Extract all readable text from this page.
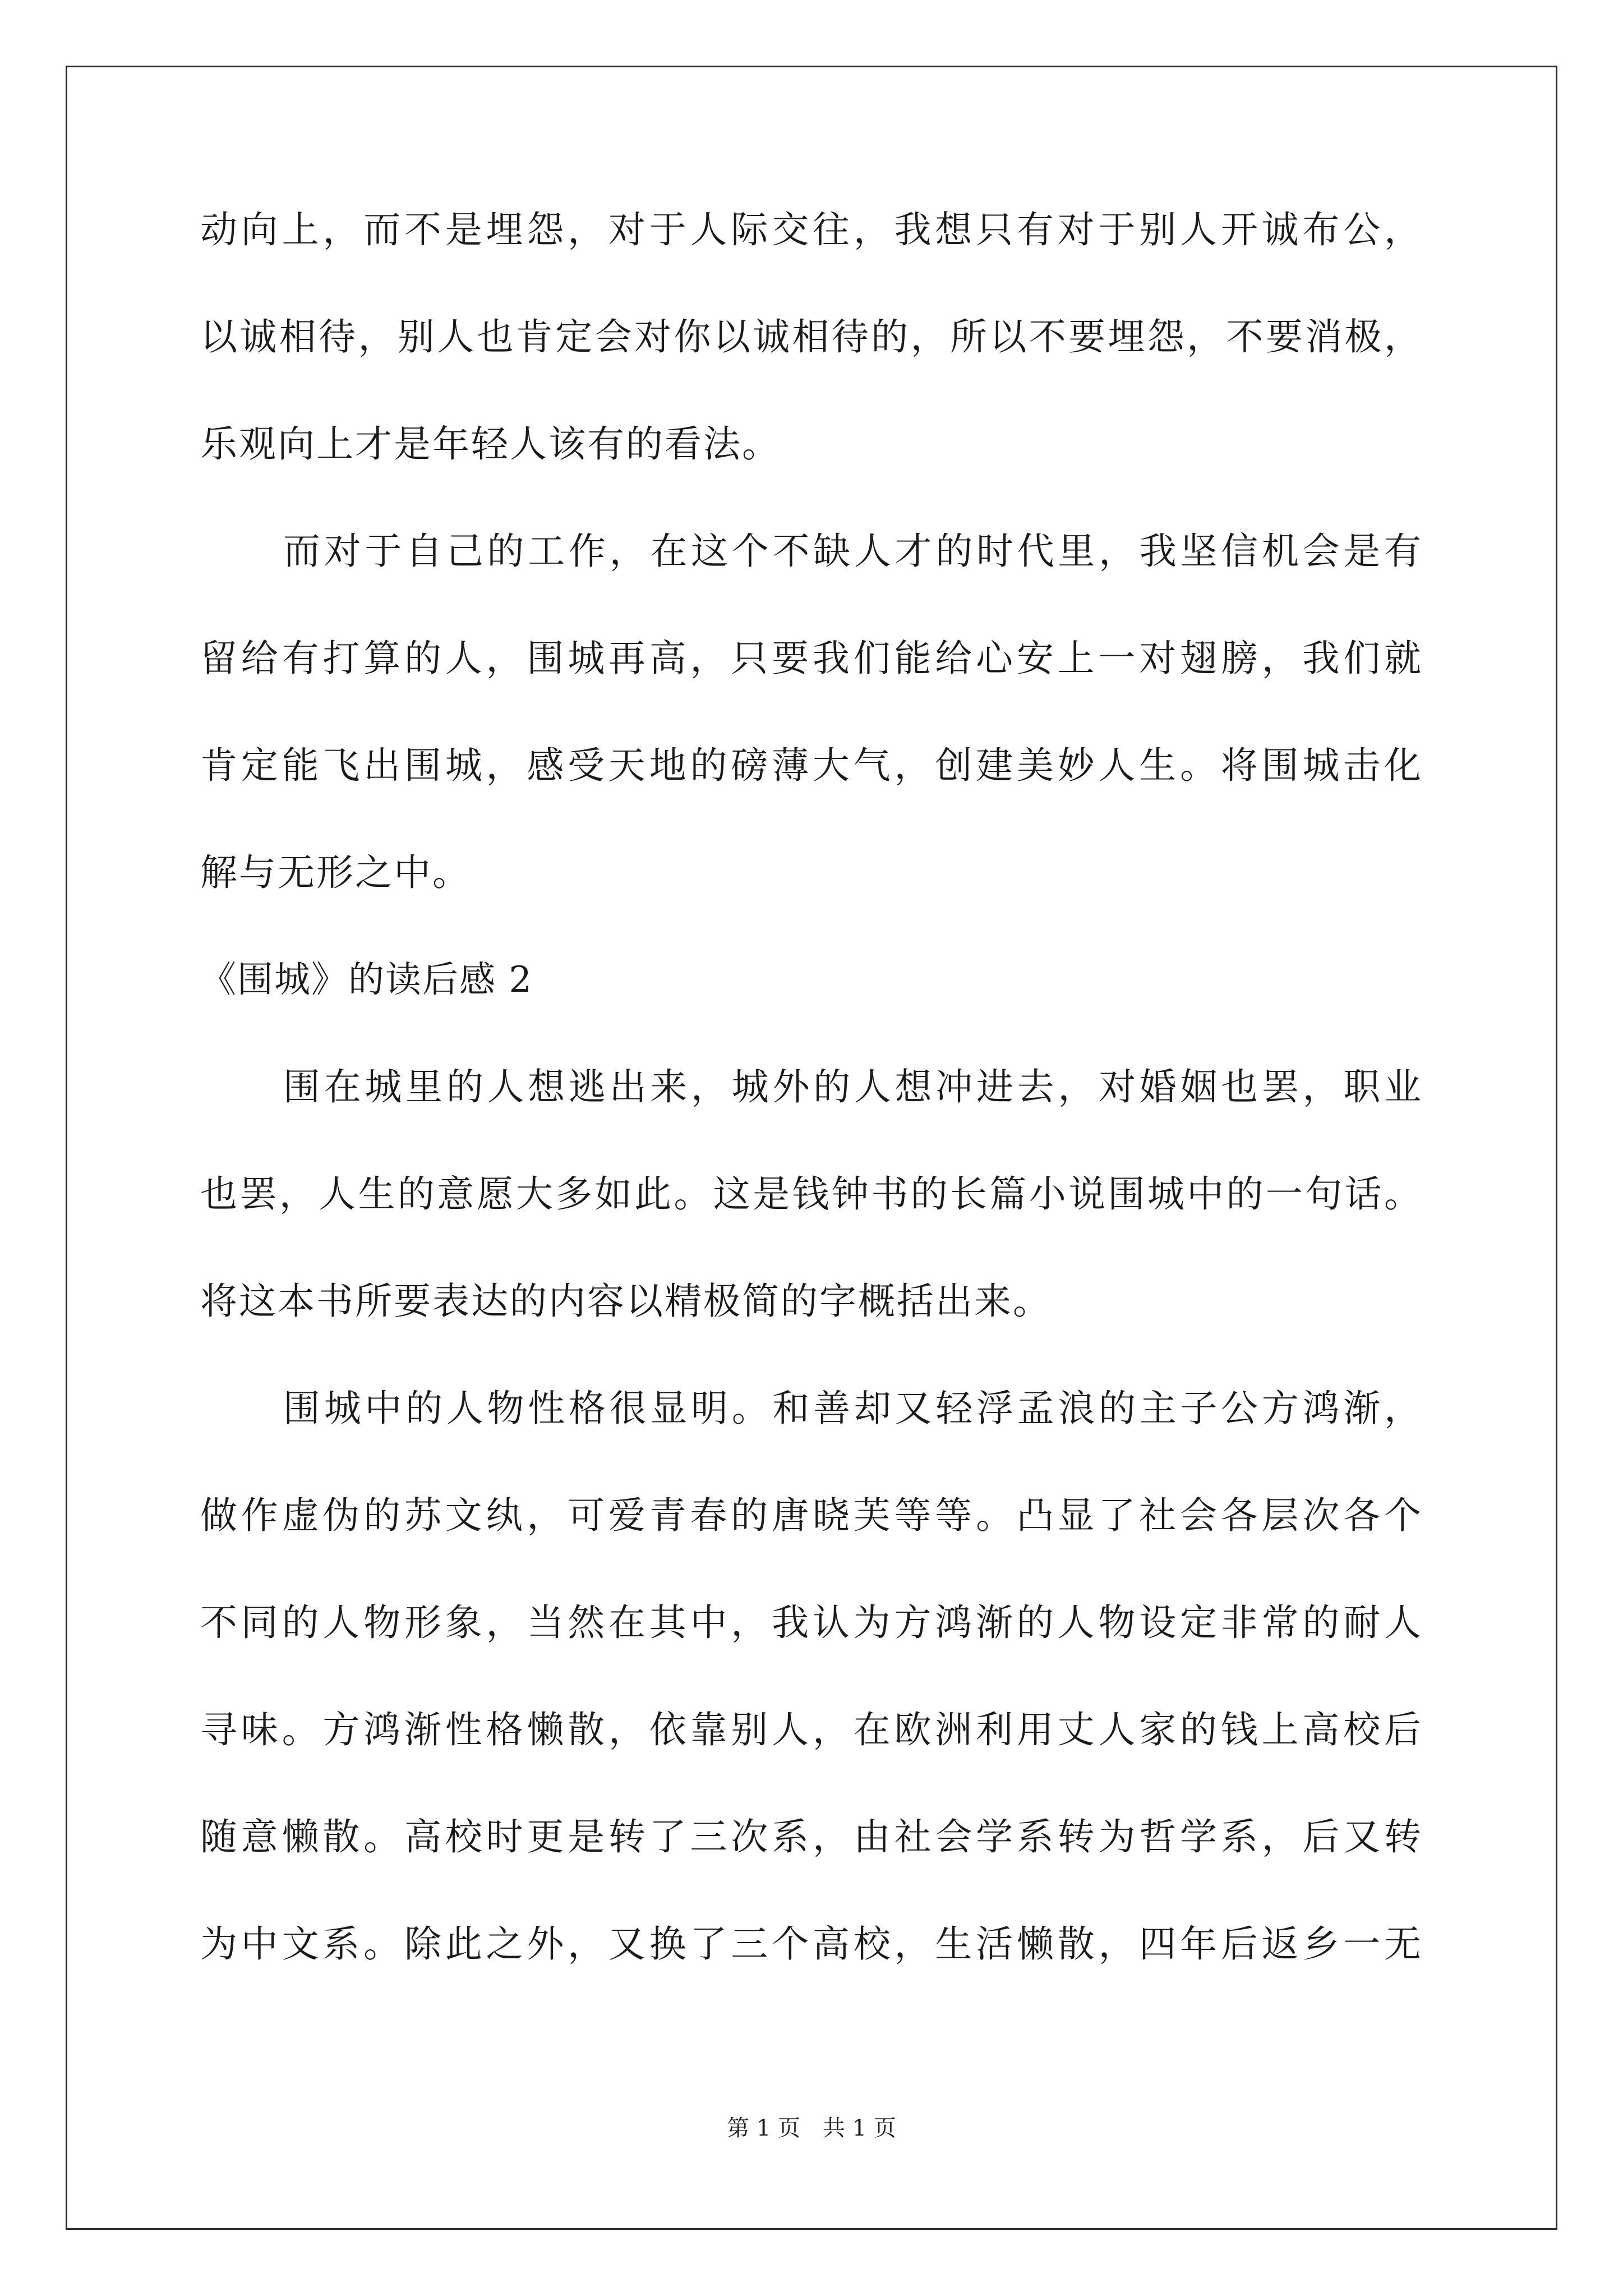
动向上，而不是埋怨，对于人际交往，我想只有对于别人开诚布公，

以诚相待，别人也肯定会对你以诚相待的，所以不要埋怨，不要消极，

乐观向上才是年轻人该有的看法。

而对于自己的工作，在这个不缺人才的时代里，我坚信机会是有

留给有打算的人，围城再高，只要我们能给心安上一对翅膀，我们就

肯定能飞出围城，感受天地的磅薄大气，创建美妙人生。将围城击化

解与无形之中。

《围城》的读后感 2

围在城里的人想逃出来，城外的人想冲进去，对婚姻也罢，职业

也罢，人生的意愿大多如此。这是钱钟书的长篇小说围城中的一句话。

将这本书所要表达的内容以精极简的字概括出来。

围城中的人物性格很显明。和善却又轻浮孟浪的主子公方鸿渐，

做作虚伪的苏文纨，可爱青春的唐晓芙等等。凸显了社会各层次各个

不同的人物形象，当然在其中，我认为方鸿渐的人物设定非常的耐人

寻味。方鸿渐性格懒散，依靠别人，在欧洲利用丈人家的钱上高校后

随意懒散。高校时更是转了三次系，由社会学系转为哲学系，后又转

为中文系。除此之外，又换了三个高校，生活懒散，四年后返乡一无

第 1 页 共 1 页
